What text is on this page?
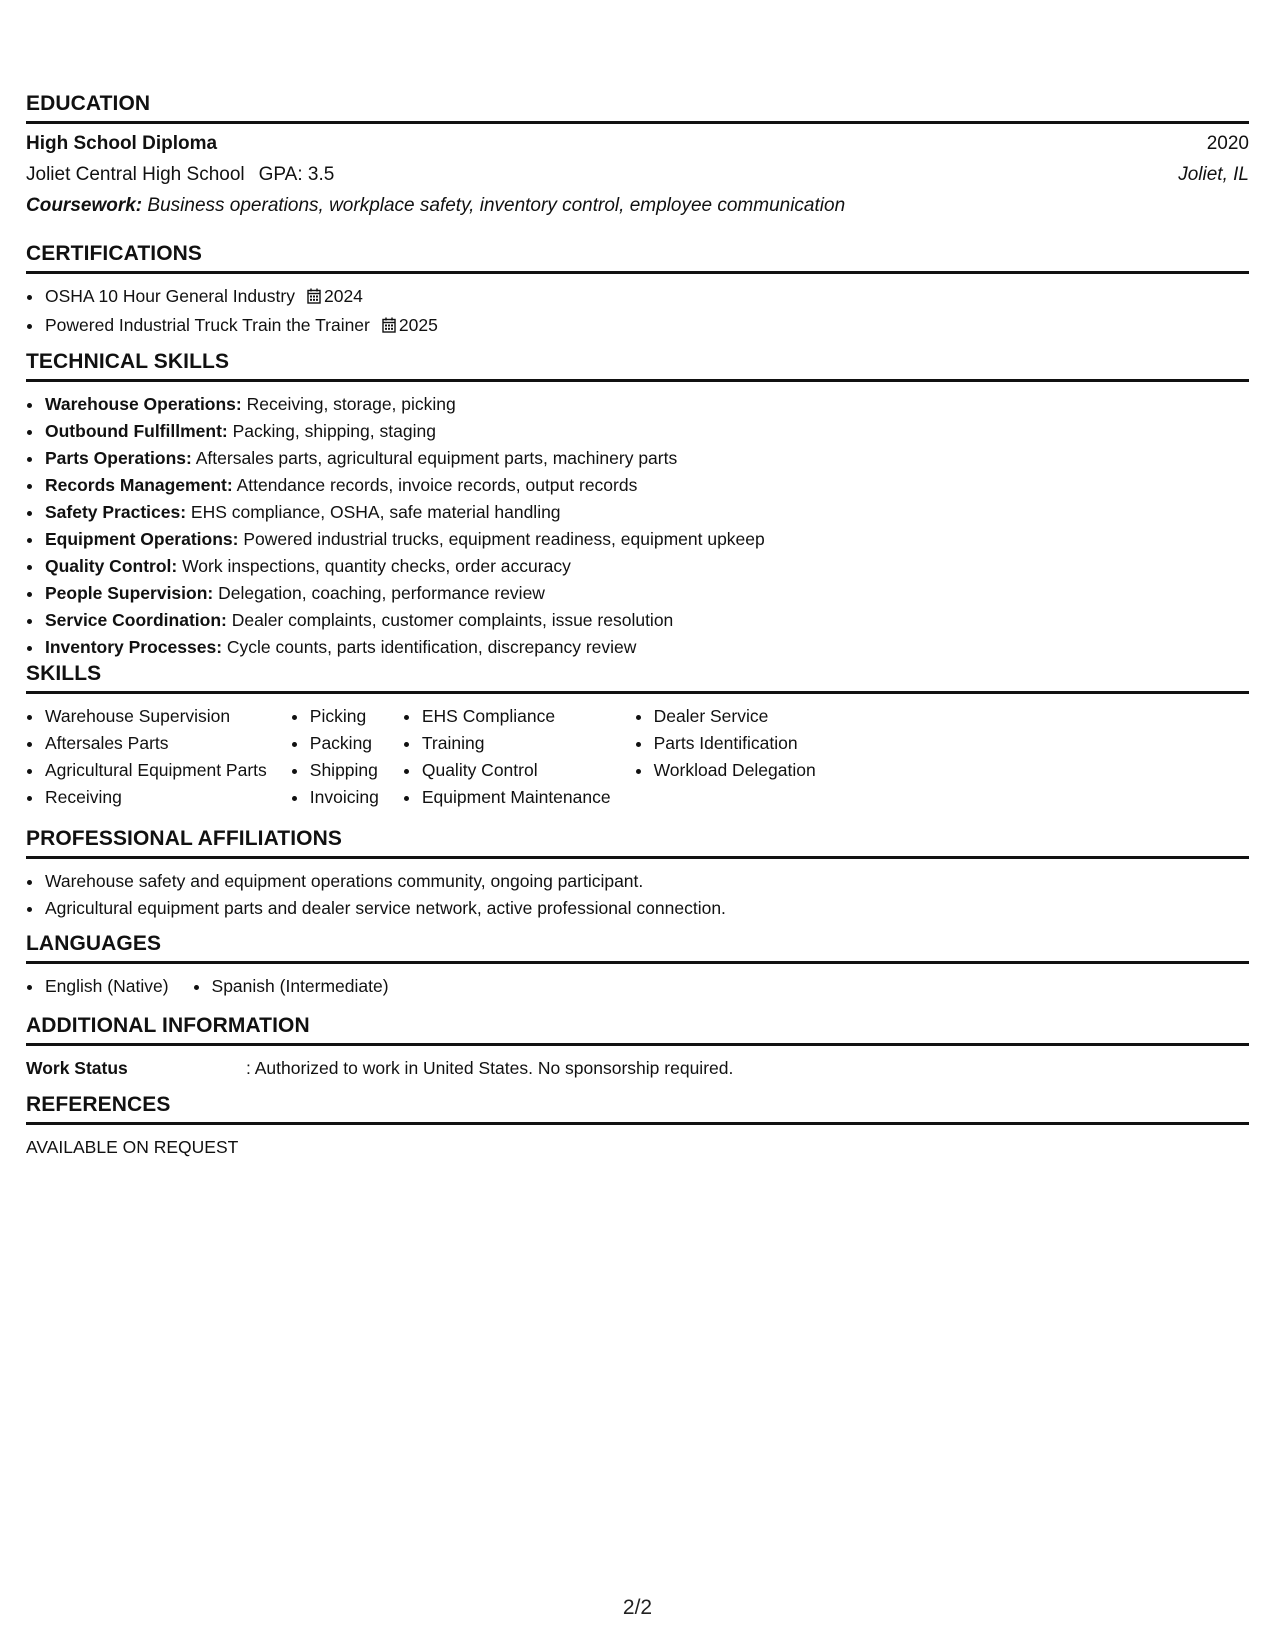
EDUCATION
High School Diploma	2020
Joliet Central High School GPA: 3.5	Joliet, IL
Coursework: Business operations, workplace safety, inventory control, employee communication
CERTIFICATIONS
• OSHA 10 Hour General Industry 2024
• Powered Industrial Truck Train the Trainer 2025
TECHNICAL SKILLS
• Warehouse Operations: Receiving, storage, picking
• Outbound Fulfillment: Packing, shipping, staging
• Parts Operations: Aftersales parts, agricultural equipment parts, machinery parts
• Records Management: Attendance records, invoice records, output records
• Safety Practices: EHS compliance, OSHA, safe material handling
• Equipment Operations: Powered industrial trucks, equipment readiness, equipment upkeep
• Quality Control: Work inspections, quantity checks, order accuracy
• People Supervision: Delegation, coaching, performance review
• Service Coordination: Dealer complaints, customer complaints, issue resolution
• Inventory Processes: Cycle counts, parts identification, discrepancy review
SKILLS
• Warehouse Supervision
• Aftersales Parts
• Agricultural Equipment Parts
• Receiving
• Picking
• Packing
• Shipping
• Invoicing
• EHS Compliance
• Training
• Quality Control
• Equipment Maintenance
• Dealer Service
• Parts Identification
• Workload Delegation
PROFESSIONAL AFFILIATIONS
• Warehouse safety and equipment operations community, ongoing participant.
• Agricultural equipment parts and dealer service network, active professional connection.
LANGUAGES
• English (Native)
• Spanish (Intermediate)
ADDITIONAL INFORMATION
Work Status	: Authorized to work in United States. No sponsorship required.
REFERENCES
AVAILABLE ON REQUEST
2/2
